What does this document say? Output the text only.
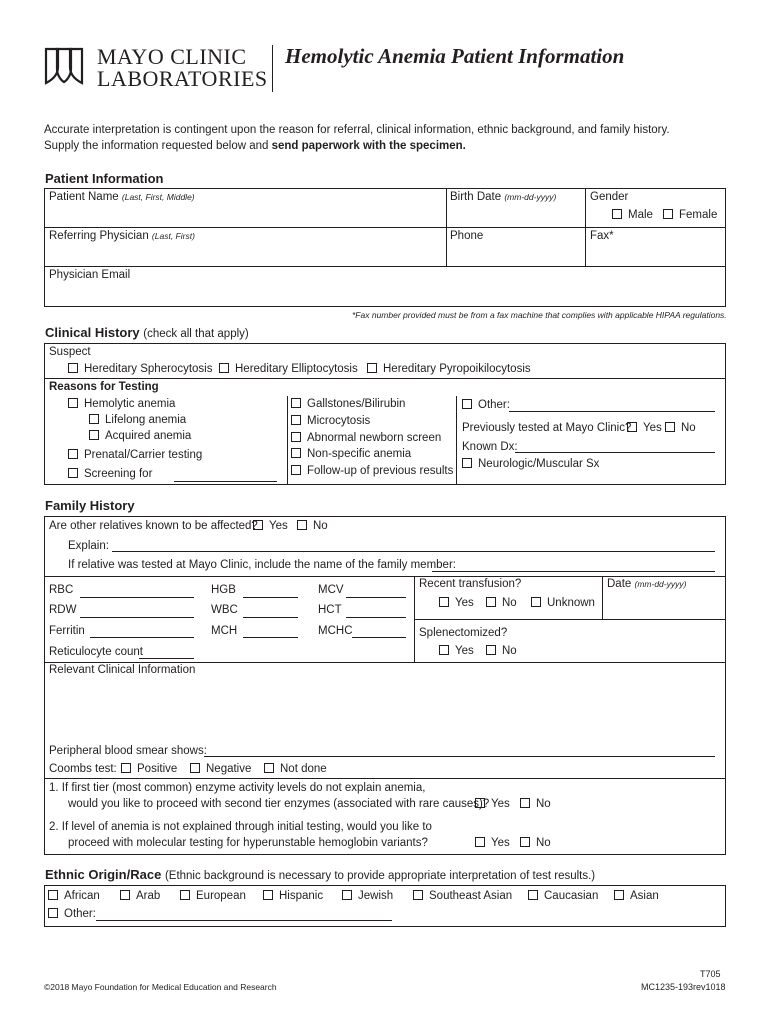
MAYO CLINIC
LABORATORIES
Hemolytic Anemia Patient Information
Accurate interpretation is contingent upon the reason for referral, clinical information, ethnic background, and family history.
Supply the information requested below and send paperwork with the specimen.
Patient Information
Patient Name (Last, First, Middle)	Birth Date (mm-dd-yyyy)	Gender
Male	Female
Referring Physician (Last, First)	Phone	Fax*
Physician Email
*Fax number provided must be from a fax machine that complies with applicable HIPAA regulations.
Clinical History (check all that apply)
Suspect
Hereditary Spherocytosis	Hereditary Elliptocytosis	Hereditary Pyropoikilocytosis
Reasons for Testing
Hemolytic anemia
Lifelong anemia
Acquired anemia
Prenatal/Carrier testing
Screening for
Gallstones/Bilirubin
Microcytosis
Abnormal newborn screen
Non-specific anemia
Follow-up of previous results
Other:
Previously tested at Mayo Clinic?	Yes	No
Known Dx:
Neurologic/Muscular Sx
Family History
Are other relatives known to be affected? Yes	No
Explain:
If relative was tested at Mayo Clinic, include the name of the family member:
RBC	HGB	MCV
RDW	WBC	HCT
Ferritin	MCH	MCHC
Reticulocyte count
Recent transfusion?
Yes	No	Unknown
Date (mm-dd-yyyy)
Splenectomized?
Yes	No
Relevant Clinical Information
Peripheral blood smear shows:
Coombs test:	Positive	Negative	Not done
1. If first tier (most common) enzyme activity levels do not explain anemia,
would you like to proceed with second tier enzymes (associated with rare causes)? Yes	No
2. If level of anemia is not explained through initial testing, would you like to
proceed with molecular testing for hyperunstable hemoglobin variants?	Yes	No
Ethnic Origin/Race (Ethnic background is necessary to provide appropriate interpretation of test results.)
African	Arab	European	Hispanic	Jewish	Southeast Asian	Caucasian	Asian
Other:
©2018 Mayo Foundation for Medical Education and Research
T705
MC1235-193rev1018
